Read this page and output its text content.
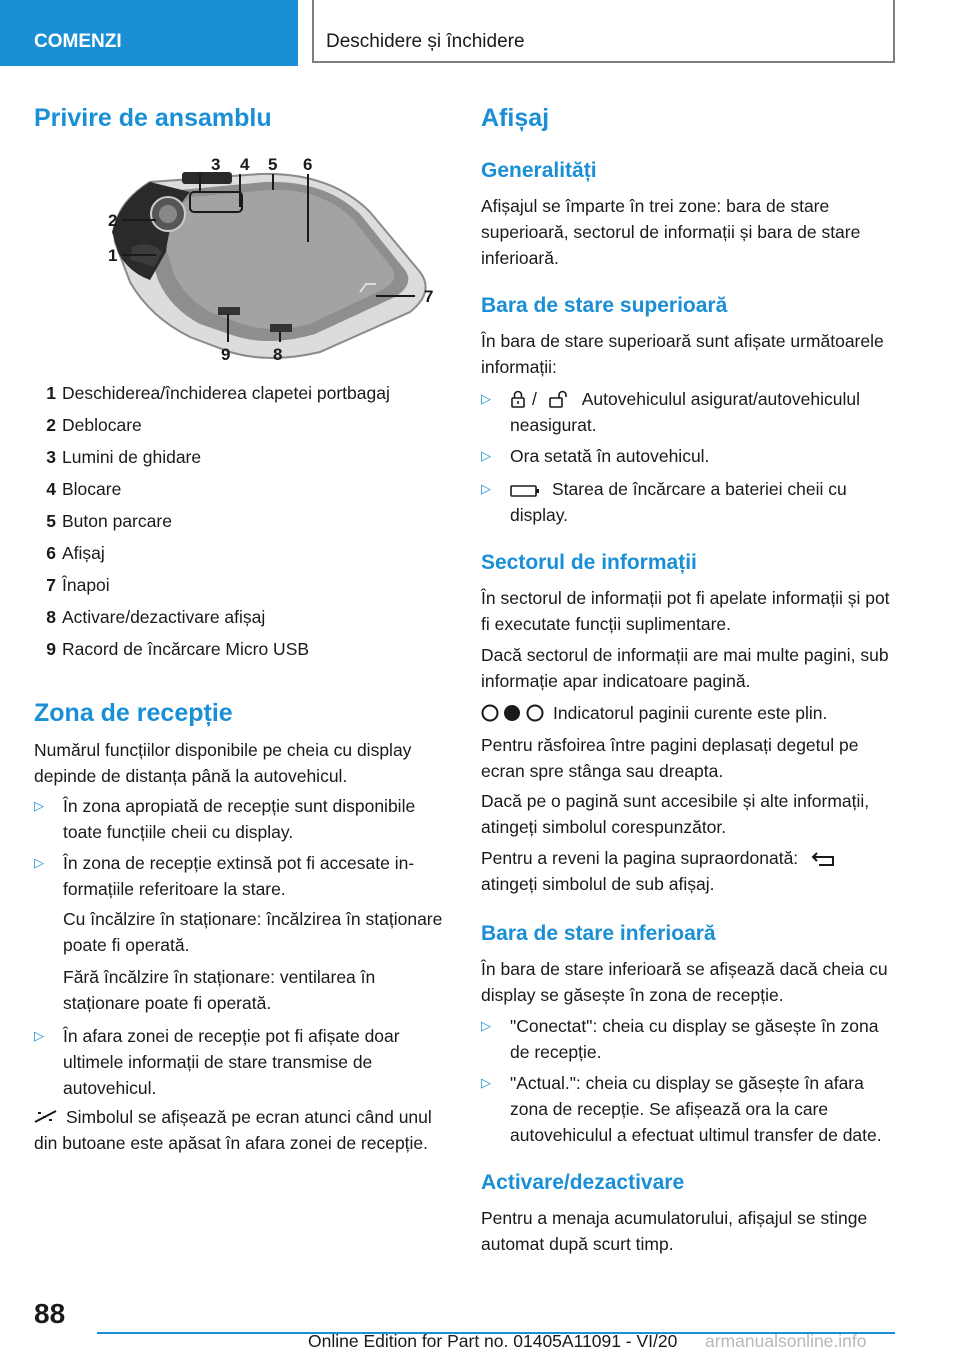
COMENZI	Deschidere și închidere
Privire de ansamblu
1
2
3 4 5 6
7
8
9
1 Deschiderea/închiderea clapetei portbagaj
2 Deblocare
3 Lumini de ghidare
4 Blocare
5 Buton parcare
6 Afișaj
7 Înapoi
8 Activare/dezactivare afișaj
9 Racord de încărcare Micro USB
Zona de recepție
Numărul funcțiilor disponibile pe cheia cu display depinde de distanța până la autovehicul.
▷ În zona apropiată de recepție sunt disponibile toate funcțiile cheii cu display.
▷ În zona de recepție extinsă pot fi accesate informațiile referitoare la stare.
Cu încălzire în staționare: încălzirea în staționare poate fi operată.
Fără încălzire în staționare: ventilarea în staționare poate fi operată.
▷ În afara zonei de recepție pot fi afișate doar ultimele informații de stare transmise de autovehicul.
Simbolul se afișează pe ecran atunci când unul din butoane este apăsat în afara zonei de recepție.
Afișaj
Generalități
Afișajul se împarte în trei zone: bara de stare superioară, sectorul de informații și bara de stare inferioară.
Bara de stare superioară
În bara de stare superioară sunt afișate următoarele informații:
▷	/	Autovehiculul asigurat/autovehiculul neasigurat.
▷ Ora setată în autovehicul.
▷	Starea de încărcare a bateriei cheii cu display.
Sectorul de informații
În sectorul de informații pot fi apelate informații și pot fi executate funcții suplimentare.
Dacă sectorul de informații are mai multe pagini, sub informație apar indicatoare pagină.
Indicatorul paginii curente este plin.
Pentru răsfoirea între pagini deplasați degetul pe ecran spre stânga sau dreapta.
Dacă pe o pagină sunt accesibile și alte informații, atingeți simbolul corespunzător.
Pentru a reveni la pagina supraordonată:
atingeți simbolul de sub afișaj.
Bara de stare inferioară
În bara de stare inferioară se afișează dacă cheia cu display se găsește în zona de recepție.
▷ "Conectat": cheia cu display se găsește în zona de recepție.
▷ "Actual.": cheia cu display se găsește în afara zona de recepție. Se afișează ora la care autovehiculul a efectuat ultimul transfer de date.
Activare/dezactivare
Pentru a menaja acumulatorului, afișajul se stinge automat după scurt timp.
88
Online Edition for Part no. 01405A11091 - VI/20 armanualsonline.info
